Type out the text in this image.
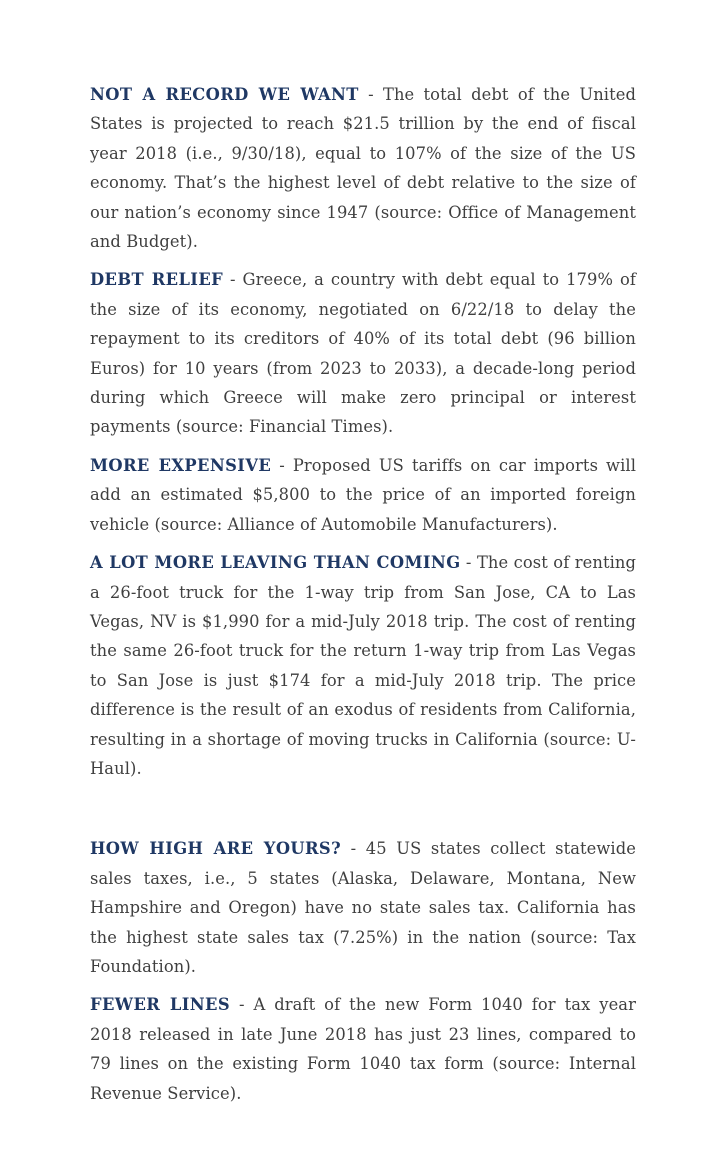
NOT A RECORD WE WANT - The total debt of the United States is projected to reach $21.5 trillion by the end of fiscal year 2018 (i.e., 9/30/18), equal to 107% of the size of the US economy. That’s the highest level of debt relative to the size of our nation’s economy since 1947 (source: Office of Management and Budget).

DEBT RELIEF - Greece, a country with debt equal to 179% of the size of its economy, negotiated on 6/22/18 to delay the repayment to its creditors of 40% of its total debt (96 billion Euros) for 10 years (from 2023 to 2033), a decade-long period during which Greece will make zero principal or interest payments (source: Financial Times).

MORE EXPENSIVE - Proposed US tariffs on car imports will add an estimated $5,800 to the price of an imported foreign vehicle (source: Alliance of Automobile Manufacturers).

A LOT MORE LEAVING THAN COMING - The cost of renting a 26-foot truck for the 1-way trip from San Jose, CA to Las Vegas, NV is $1,990 for a mid-July 2018 trip. The cost of renting the same 26-foot truck for the return 1-way trip from Las Vegas to San Jose is just $174 for a mid-July 2018 trip. The price difference is the result of an exodus of residents from California, resulting in a shortage of moving trucks in California (source: U-Haul).

HOW HIGH ARE YOURS? - 45 US states collect statewide sales taxes, i.e., 5 states (Alaska, Delaware, Montana, New Hampshire and Oregon) have no state sales tax. California has the highest state sales tax (7.25%) in the nation (source: Tax Foundation).

FEWER LINES - A draft of the new Form 1040 for tax year 2018 released in late June 2018 has just 23 lines, compared to 79 lines on the existing Form 1040 tax form (source: Internal Revenue Service).
